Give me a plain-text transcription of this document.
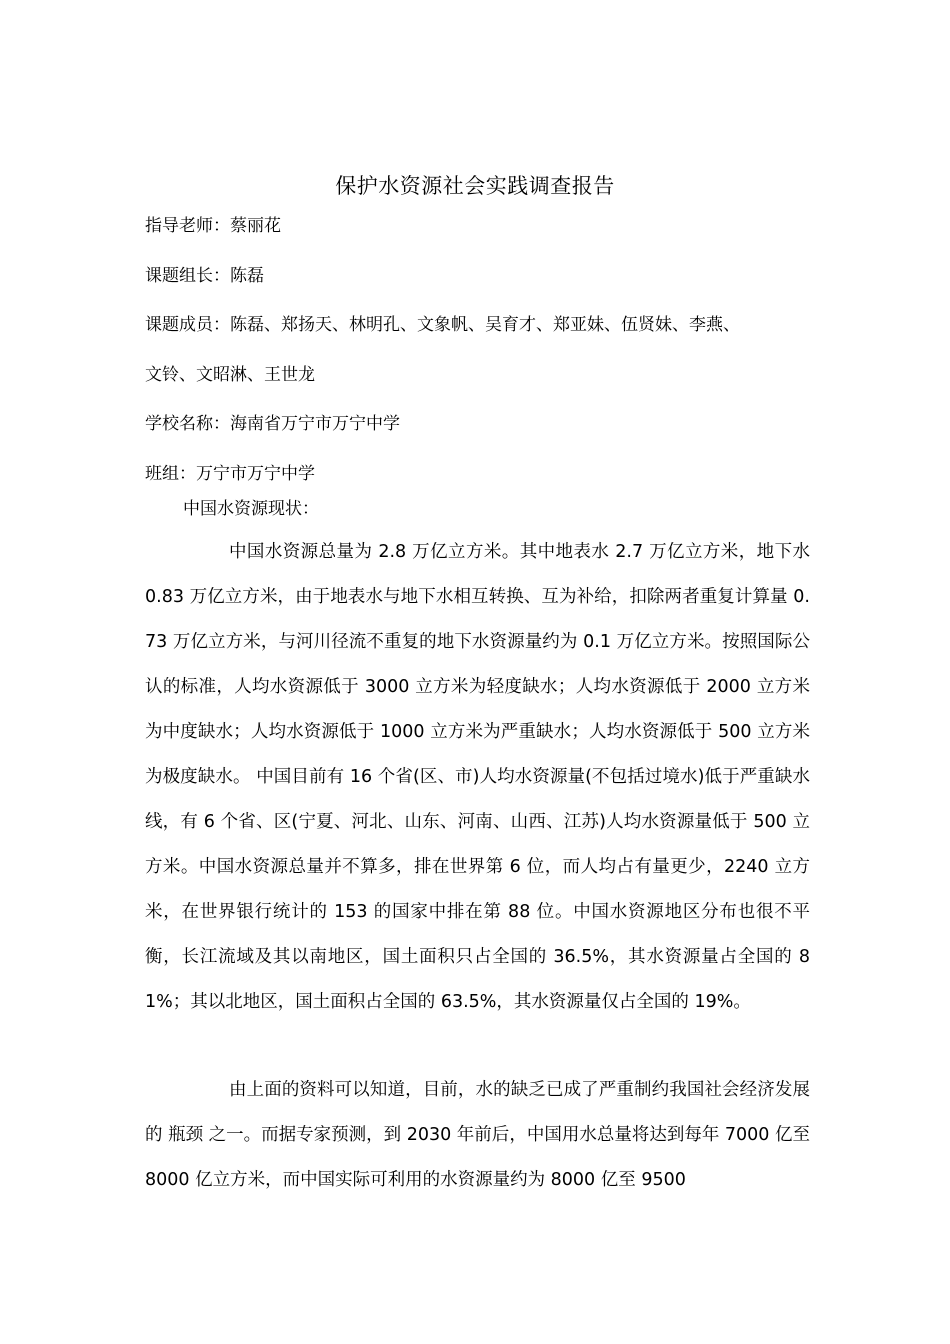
保护水资源社会实践调查报告
指导老师：蔡丽花
课题组长：陈磊
课题成员：陈磊、郑扬天、林明孔、文象帆、吴育才、郑亚妹、伍贤妹、李燕、
文铃、文昭淋、王世龙
学校名称：海南省万宁市万宁中学
班组：万宁市万宁中学
中国水资源现状：

中国水资源总量为 2.8 万亿立方米。其中地表水 2.7 万亿立方米，地下水 0.83 万亿立方米，由于地表水与地下水相互转换、互为补给，扣除两者重复计算量 0.73 万亿立方米，与河川径流不重复的地下水资源量约为 0.1 万亿立方米。按照国际公认的标准，人均水资源低于 3000 立方米为轻度缺水；人均水资源低于 2000 立方米为中度缺水；人均水资源低于 1000 立方米为严重缺水；人均水资源低于 500 立方米为极度缺水。 中国目前有 16 个省(区、市)人均水资源量(不包括过境水)低于严重缺水线，有 6 个省、区(宁夏、河北、山东、河南、山西、江苏)人均水资源量低于 500 立方米。中国水资源总量并不算多，排在世界第 6 位，而人均占有量更少，2240 立方米，在世界银行统计的 153 的国家中排在第 88 位。中国水资源地区分布也很不平衡，长江流域及其以南地区，国土面积只占全国的 36.5%，其水资源量占全国的 81%；其以北地区，国土面积占全国的 63.5%，其水资源量仅占全国的 19%。

由上面的资料可以知道，目前，水的缺乏已成了严重制约我国社会经济发展的 瓶颈 之一。而据专家预测，到 2030 年前后，中国用水总量将达到每年 7000 亿至 8000 亿立方米，而中国实际可利用的水资源量约为 8000 亿至 9500
